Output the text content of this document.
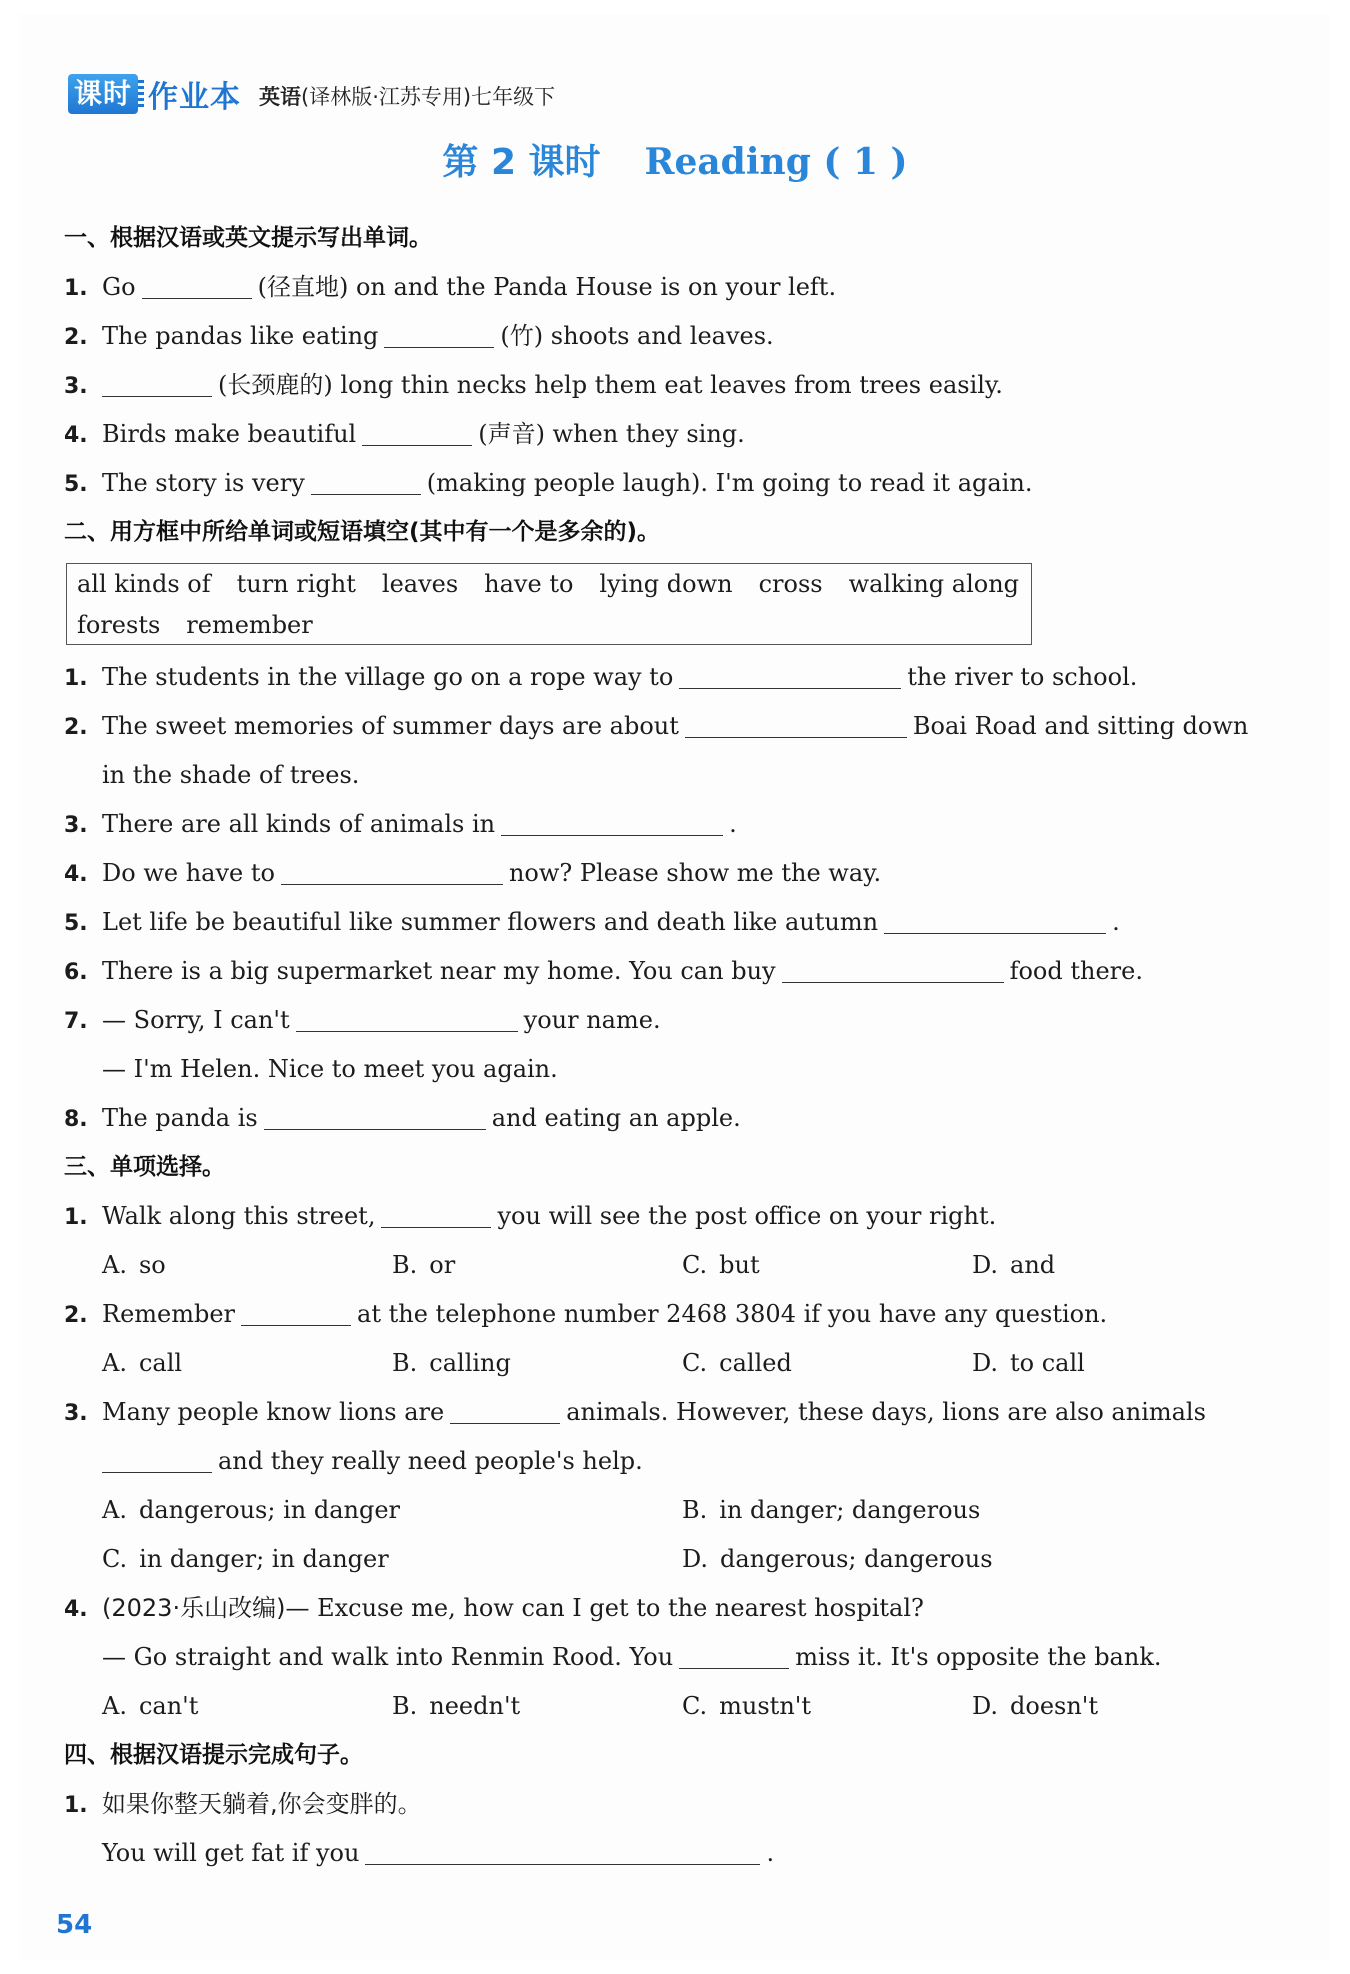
课时 作业本 英语(译林版·江苏专用)七年级下
第 2 课时 Reading ( 1 )
一、根据汉语或英文提示写出单词。
1. Go	(径直地) on and the Panda House is on your left.
2. The pandas like eating	(竹) shoots and leaves.
3.	(长颈鹿的) long thin necks help them eat leaves from trees easily.
4. Birds make beautiful	(声音) when they sing.
5. The story is very	(making people laugh). I'm going to read it again.
二、用方框中所给单词或短语填空(其中有一个是多余的)。
all kinds of turn right leaves have to lying down cross walking along
forests remember
1. The students in the village go on a rope way to	the river to school.
2. The sweet memories of summer days are about	Boai Road and sitting down
in the shade of trees.
3. There are all kinds of animals in	.
4. Do we have to	now? Please show me the way.
5. Let life be beautiful like summer flowers and death like autumn	.
6. There is a big supermarket near my home. You can buy	food there.
7. — Sorry, I can't	your name.
— I'm Helen. Nice to meet you again.
8. The panda is	and eating an apple.
三、单项选择。
1. Walk along this street,	you will see the post office on your right.
A. so	B. or	C. but	D. and
2. Remember	at the telephone number 2468 3804 if you have any question.
A. call	B. calling	C. called	D. to call
3. Many people know lions are	animals. However, these days, lions are also animals
and they really need people's help.
A. dangerous; in danger	B. in danger; dangerous
C. in danger; in danger	D. dangerous; dangerous
4. (2023·乐山改编)— Excuse me, how can I get to the nearest hospital?
— Go straight and walk into Renmin Rood. You	miss it. It's opposite the bank.
A. can't	B. needn't	C. mustn't	D. doesn't
四、根据汉语提示完成句子。
1. 如果你整天躺着,你会变胖的。
You will get fat if you	.
54
